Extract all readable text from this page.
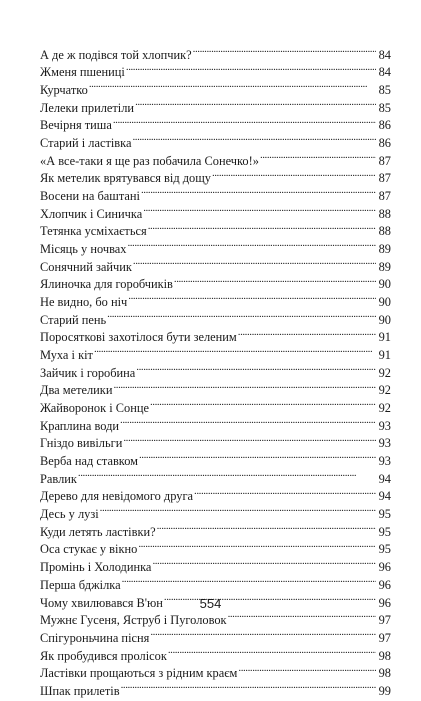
А де ж подівся той хлопчик? . . .	84
Жменя пшениці . . .	84
Курчатко . . .	85
Лелеки прилетіли . . .	85
Вечірня тиша . . .	86
Старий і ластівка . . .	86
«А все-таки я ще раз побачила Сонечко!» . . .	87
Як метелик врятувався від дощу . . .	87
Восени на баштані . . .	87
Хлопчик і Синичка . . .	88
Тетянка усміхається . . .	88
Місяць у ночвах . . .	89
Сонячний зайчик . . .	89
Ялиночка для горобчиків . . .	90
Не видно, бо ніч . . .	90
Старий пень . . .	90
Поросяткові захотілося бути зеленим . . .	91
Муха і кіт . . .	91
Зайчик і горобина . . .	92
Два метелики . . .	92
Жайворонок і Сонце . . .	92
Краплина води . . .	93
Гніздо вивільги . . .	93
Верба над ставком . . .	93
Равлик . . .	94
Дерево для невідомого друга . . .	94
Десь у лузі . . .	95
Куди летять ластівки? . . .	95
Оса стукає у вікно . . .	95
Промінь і Холодинка . . .	96
Перша бджілка . . .	96
Чому хвилювався В'юн . . .	96
Мужнє Гусеня, Яструб і Пуголовок . . .	97
Спігуроньчина пісня . . .	97
Як пробудився пролісок . . .	98
Ластівки прощаються з рідним краєм . . .	98
Шпак прилетів . . .	99
554
